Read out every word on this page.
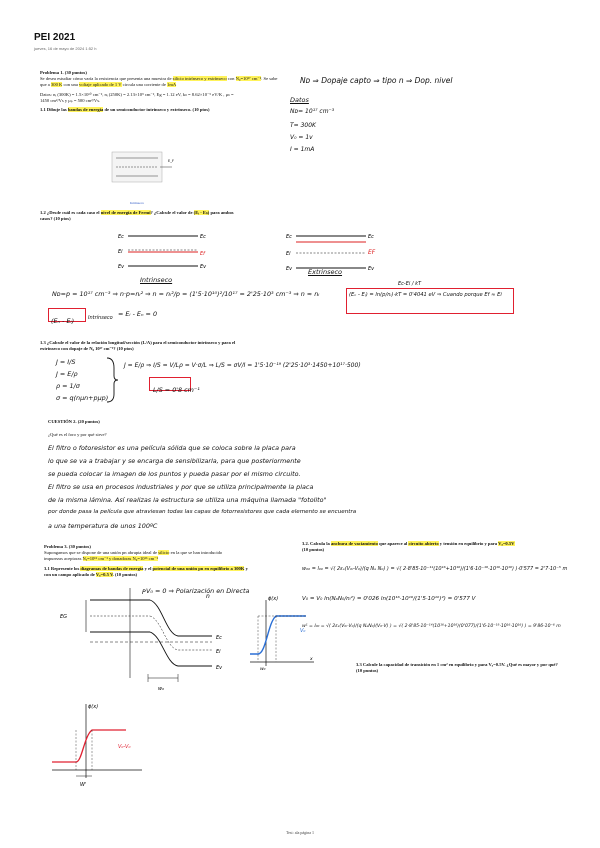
PEI 2021
jueves, 16 de mayo de 2024 1:52 h
Problema 1. (30 puntos)
Se desea estudiar cómo varía la resistencia que presenta una muestra de silicio intrínseco y extrínseco con N₀=10¹⁷ cm⁻³. Se sabe que a 300 K con una voltaje aplicado de 1 V circula una corriente de 1mA
Datos: nᵢ (300K) = 1.5×10¹⁰ cm⁻³, nᵢ (250K) = 2.13×10⁹ cm⁻³, Eg = 1.12 eV, kₙ = 8.62×10⁻⁵ eV/K , μₙ =
1450 cm²/Vs y μₚ = 500 cm²/Vs.
1.1 Dibuje las bandas de energía de un semiconductor intrínseco y extrínseco. (10 ptos)
Nᴅ ⇒ Dopaje capto ⇒ tipo n ⇒ Dop. nivel
Datos
Nᴅ= 10¹⁷ cm⁻³
T= 300K
V₀ = 1v
I = 1mA
E_F
Intrínseco
1.2 ¿Desde cuál es cada caso el nivel de energía de Fermi? ¿Calcule el valor de (Eᵢ - Eₙ) para ambos
casos? (10 ptos)
Ec
Ei
Ev
Ec
Ef
Ev
Intrinseco
Ec
Ei
Ev
Ec
EF
Ev
Extrinseco
Nᴅ=p = 10¹⁷ cm⁻³ ⇒ n·p=nᵢ² ⇒ n = nᵢ²/p = (1'5·10¹⁰)²/10¹⁷ = 2'25·10³ cm⁻³ ⇒ n ≈ nᵢ
Ec-Ei / kT
(Eₙ - Eᵢ) = ln(p/nᵢ)·kT = 0'4041 eV ⇒ Cuando porque Ef ≈ Ei
(Eₙ - Eᵢ)	Intrínseco = Eᵢ - Eₙ = 0
1.3 ¿Calcule el valor de la relación longitud/sección (L/A) para el semiconductor intrínseco y para el
extrínseco con dopaje de N₀ 10¹⁷ cm⁻³? (10 ptos)
J = I/S
J = E/ρ
ρ = 1/σ
σ = q(nμn+pμp)
J = E/ρ ⇒ I/S = V/Lρ = V·σ/L ⇒ L/S = σV/I = 1'5·10⁻¹⁹ (2'25·10³·1450+10¹⁷·500)
L/S = 0'8 cm⁻¹
CUESTIÓN 2. (20 puntos)
¿Qué es el foro y por qué sirve?
El filtro o fotoresistor es una película sólida que se coloca sobre la placa para
lo que se va a trabajar y se encarga de sensibilizarla, para que posteriormente
se pueda colocar la imagen de los puntos y pueda pasar por el mismo circuito.
El filtro se usa en procesos industriales y por que se utiliza principalmente la placa
de la misma lámina. Así realizas la estructura se utiliza una máquina llamada "fotolito"
por donde pasa la película que atraviesan todas las capas de fotorresistores que cada elemento se encuentra
a una temperatura de unos 100ºC
Problema 3. (30 puntos)
Supongamos que se dispone de una unión pn abrupta ideal de silicio en la que se han introducido
impurezas aceptoras Nₐ=10¹⁶ cm⁻³ y donadoras N₀=10¹⁶ cm⁻³
3.1 Represente los diagramas de bandas de energía y el potencial de una unión pn en equilibrio a 300K y
con un campo aplicado de Vₐ=0.5 V. (10 puntos)
3.2. Calcula la anchura de vaciamiento que aparece al circuito abierto y tensión en equilibrio y para Vₐ=0.5V
(10 puntos)
w₀₀ = l₀₀ = √( 2εₛ(V₀ᵢ-V₀)/(q Nₐ N₀) ) = √( 2·8'85·10⁻¹⁴(10¹⁶+10¹⁶)/(1'6·10⁻¹⁹·10¹⁶·10¹⁶) )·0'577 = 2'7·10⁻⁵ m
V₀ = V₀ ln(NₐN₀/nᵢ²) = 0'026 ln(10¹⁶·10¹⁶/(1'5·10¹⁰)²) = 0'577 V
w¹ = l₀₀ = √( 2εₛ(V₀ᵢ-V₀)/(q NₐN₀)(V₀-V) ) = √( 2·8'85·10⁻¹⁴(10¹⁶+10¹⁶)(0'077)/(1'6·10⁻¹⁹·10¹⁶·10¹⁶) ) = 9'86·10⁻⁶ m
3.3 Calcule la capacidad de transición en 1 cm² en equilibrio y para Vₐ=0.5V. ¿Qué es mayor y por qué?
(10 puntos)
P
n
EG
Ec
Ei
Ev
w₀
V₀ = 0 ⇒ Polarización en Directa
ϕ(x)
V₀
w₀
x
ϕ(x)
W'
V₀-V₀
Test: ala página 1
